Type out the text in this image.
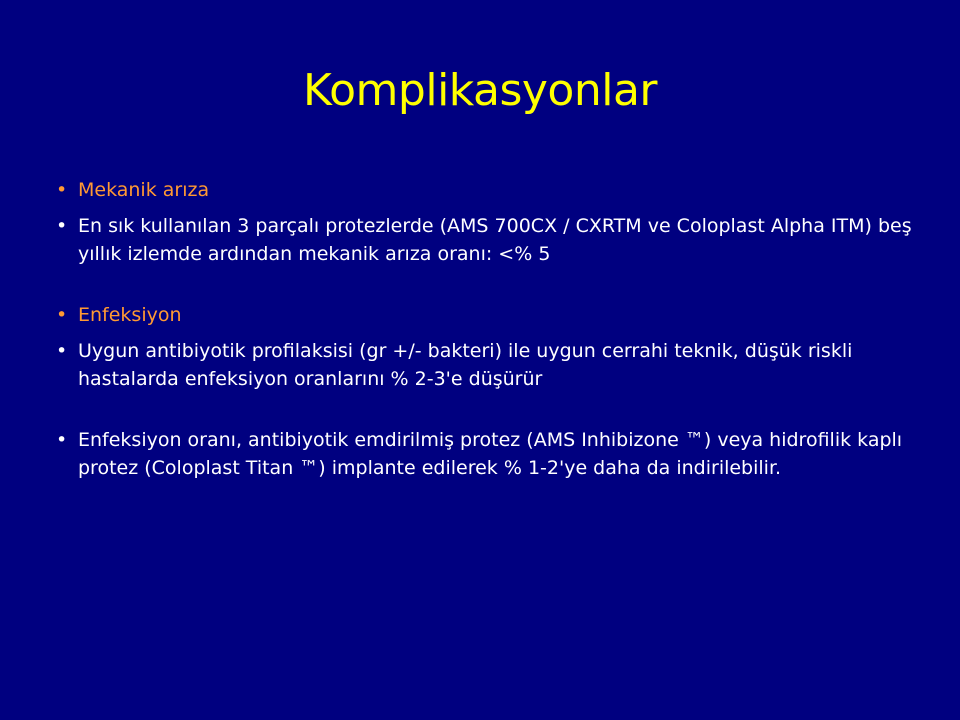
Komplikasyonlar
• Mekanik arıza
• En sık kullanılan 3 parçalı protezlerde (AMS 700CX / CXRTM ve Coloplast Alpha ITM) beş yıllık izlemde ardından mekanik arıza oranı: <% 5
• Enfeksiyon
• Uygun antibiyotik profilaksisi (gr +/- bakteri) ile uygun cerrahi teknik, düşük riskli hastalarda enfeksiyon oranlarını % 2-3'e düşürür
• Enfeksiyon oranı, antibiyotik emdirilmiş protez (AMS Inhibizone ™) veya hidrofilik kaplı protez (Coloplast Titan ™) implante edilerek % 1-2'ye daha da indirilebilir.
